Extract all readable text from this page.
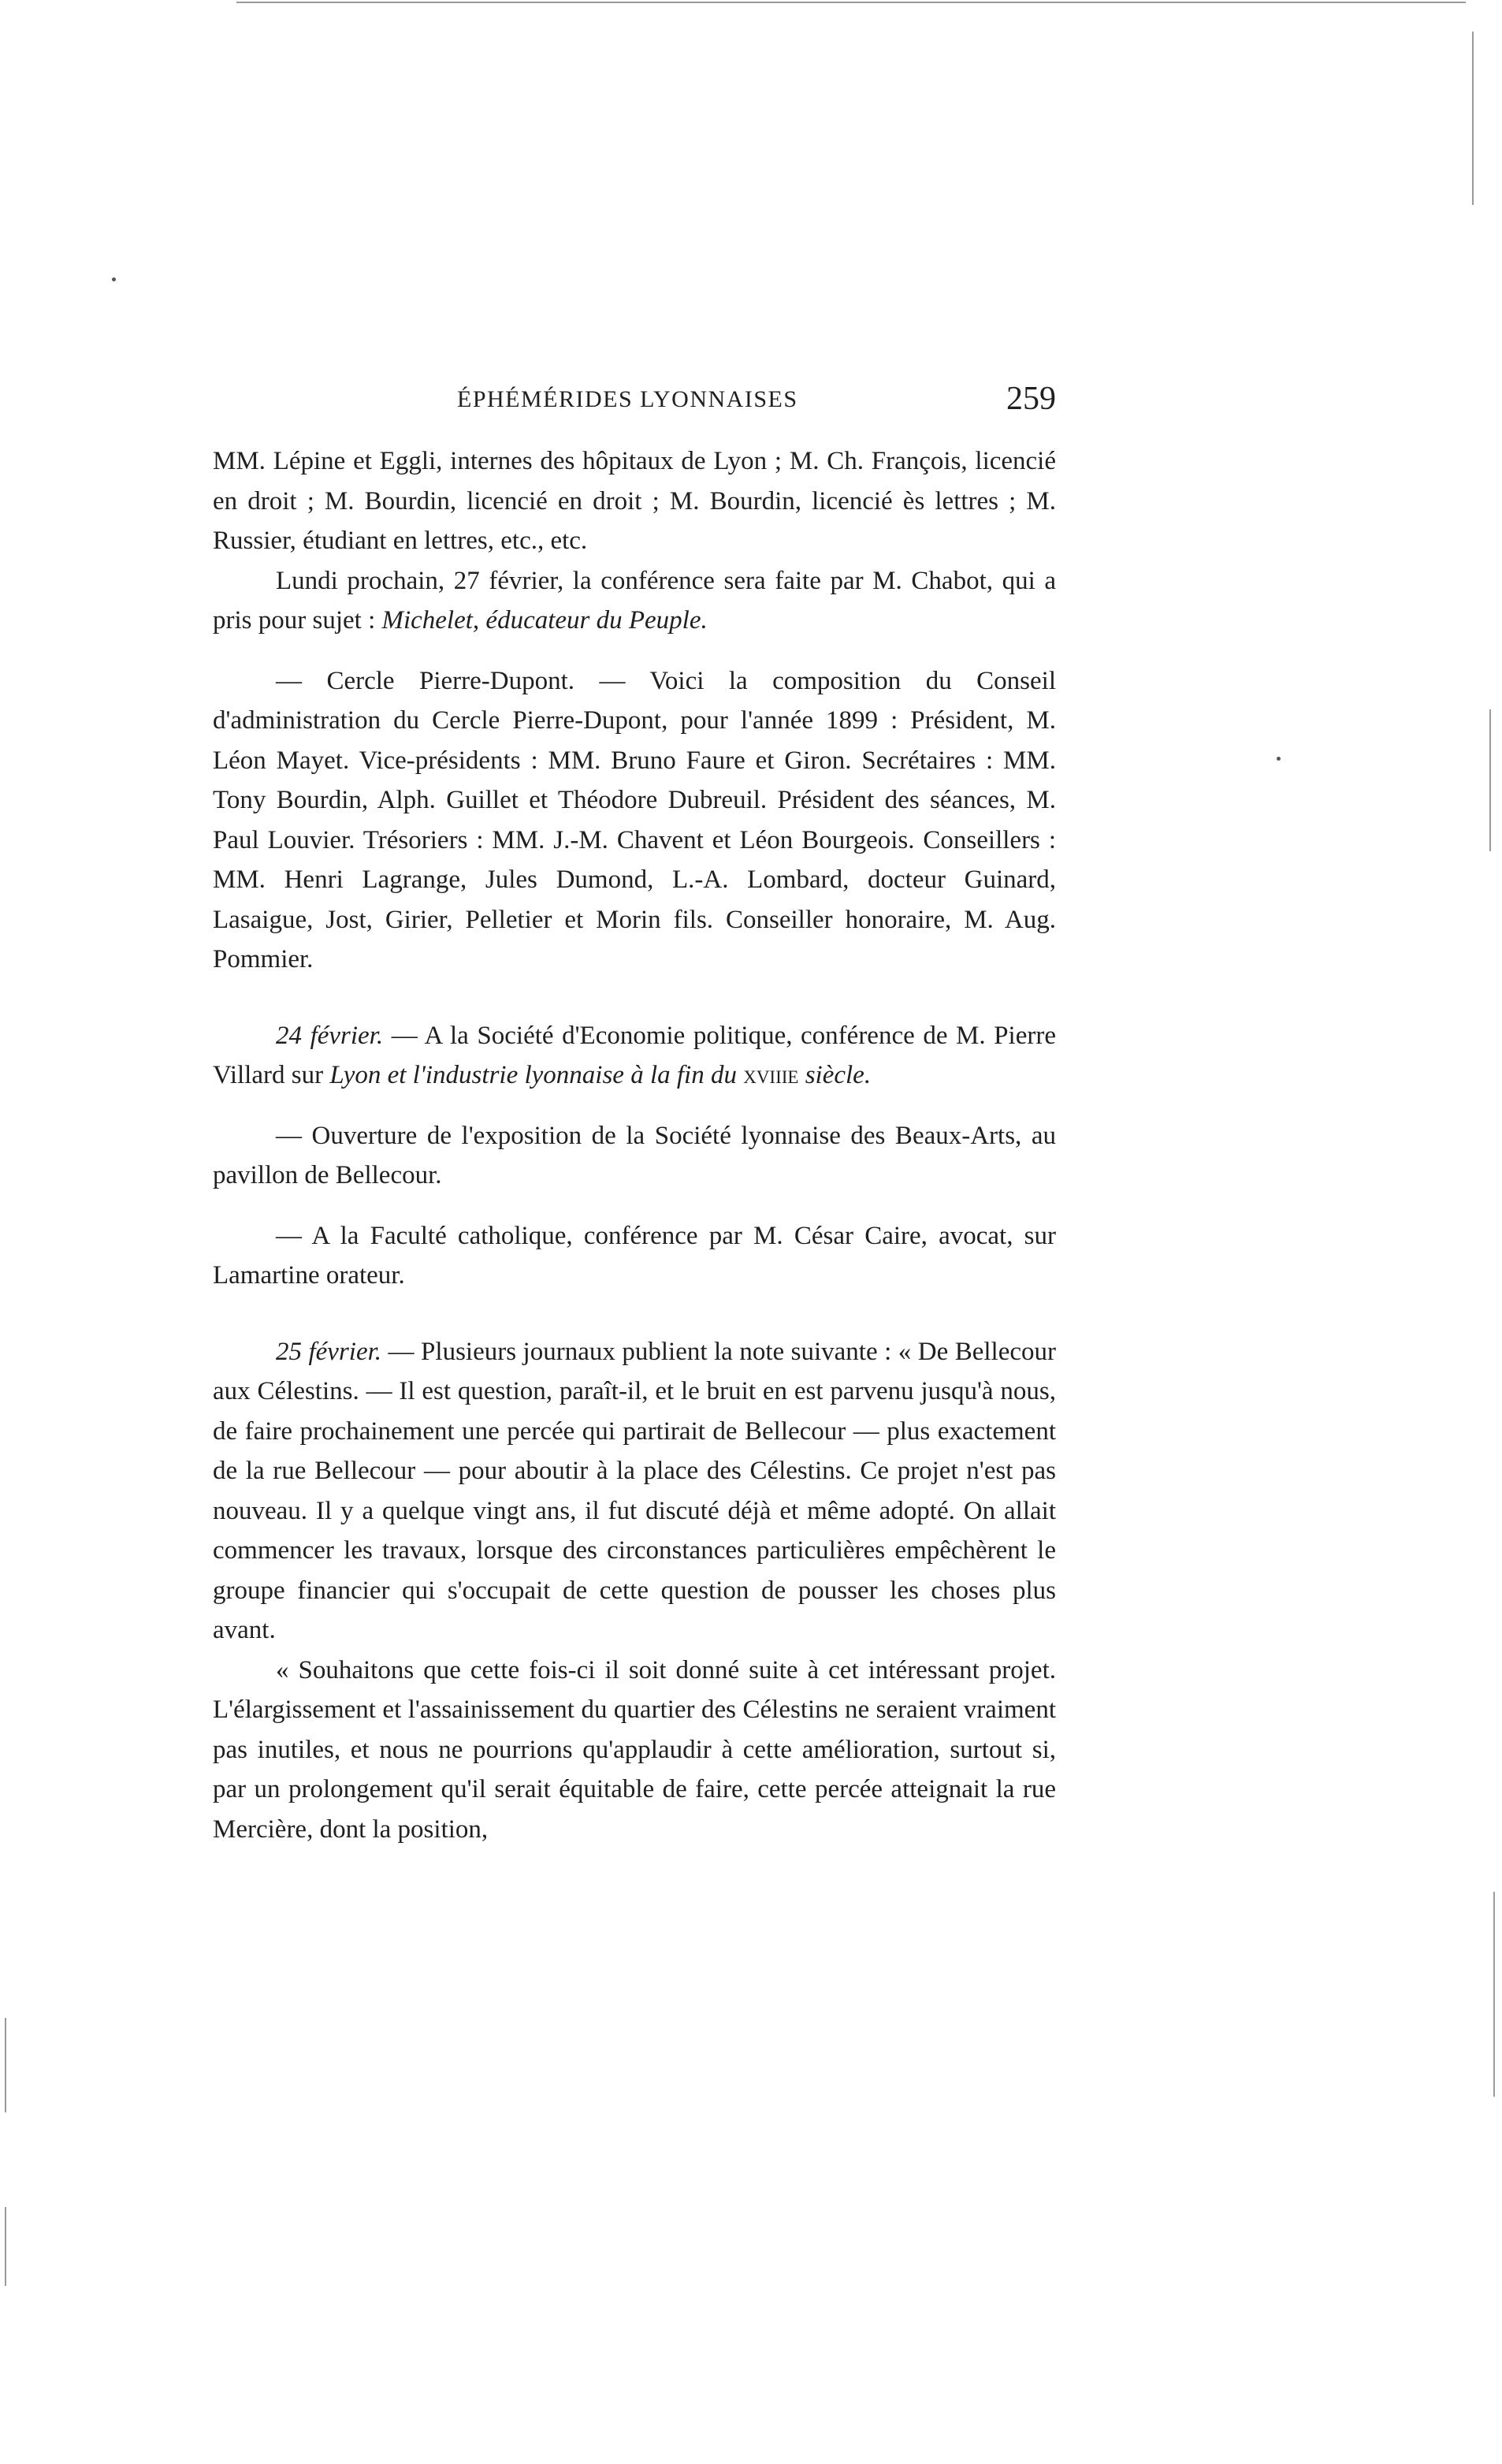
ÉPHÉMÉRIDES LYONNAISES	259

MM. Lépine et Eggli, internes des hôpitaux de Lyon ; M. Ch. François, licencié en droit ; M. Bourdin, licencié en droit ; M. Bourdin, licencié ès lettres ; M. Russier, étudiant en lettres, etc., etc.

Lundi prochain, 27 février, la conférence sera faite par M. Chabot, qui a pris pour sujet : Michelet, éducateur du Peuple.

— Cercle Pierre-Dupont. — Voici la composition du Conseil d'administration du Cercle Pierre-Dupont, pour l'année 1899 : Président, M. Léon Mayet. Vice-présidents : MM. Bruno Faure et Giron. Secrétaires : MM. Tony Bourdin, Alph. Guillet et Théodore Dubreuil. Président des séances, M. Paul Louvier. Trésoriers : MM. J.-M. Chavent et Léon Bourgeois. Conseillers : MM. Henri Lagrange, Jules Dumond, L.-A. Lombard, docteur Guinard, Lasaigue, Jost, Girier, Pelletier et Morin fils. Conseiller honoraire, M. Aug. Pommier.

24 février. — A la Société d'Economie politique, conférence de M. Pierre Villard sur Lyon et l'industrie lyonnaise à la fin du xviiie siècle.

— Ouverture de l'exposition de la Société lyonnaise des Beaux-Arts, au pavillon de Bellecour.

— A la Faculté catholique, conférence par M. César Caire, avocat, sur Lamartine orateur.

25 février. — Plusieurs journaux publient la note suivante : « De Bellecour aux Célestins. — Il est question, paraît-il, et le bruit en est parvenu jusqu'à nous, de faire prochainement une percée qui partirait de Bellecour — plus exactement de la rue Bellecour — pour aboutir à la place des Célestins. Ce projet n'est pas nouveau. Il y a quelque vingt ans, il fut discuté déjà et même adopté. On allait commencer les travaux, lorsque des circonstances particulières empêchèrent le groupe financier qui s'occupait de cette question de pousser les choses plus avant.

« Souhaitons que cette fois-ci il soit donné suite à cet intéressant projet. L'élargissement et l'assainissement du quartier des Célestins ne seraient vraiment pas inutiles, et nous ne pourrions qu'applaudir à cette amélioration, surtout si, par un prolongement qu'il serait équitable de faire, cette percée atteignait la rue Mercière, dont la position,
